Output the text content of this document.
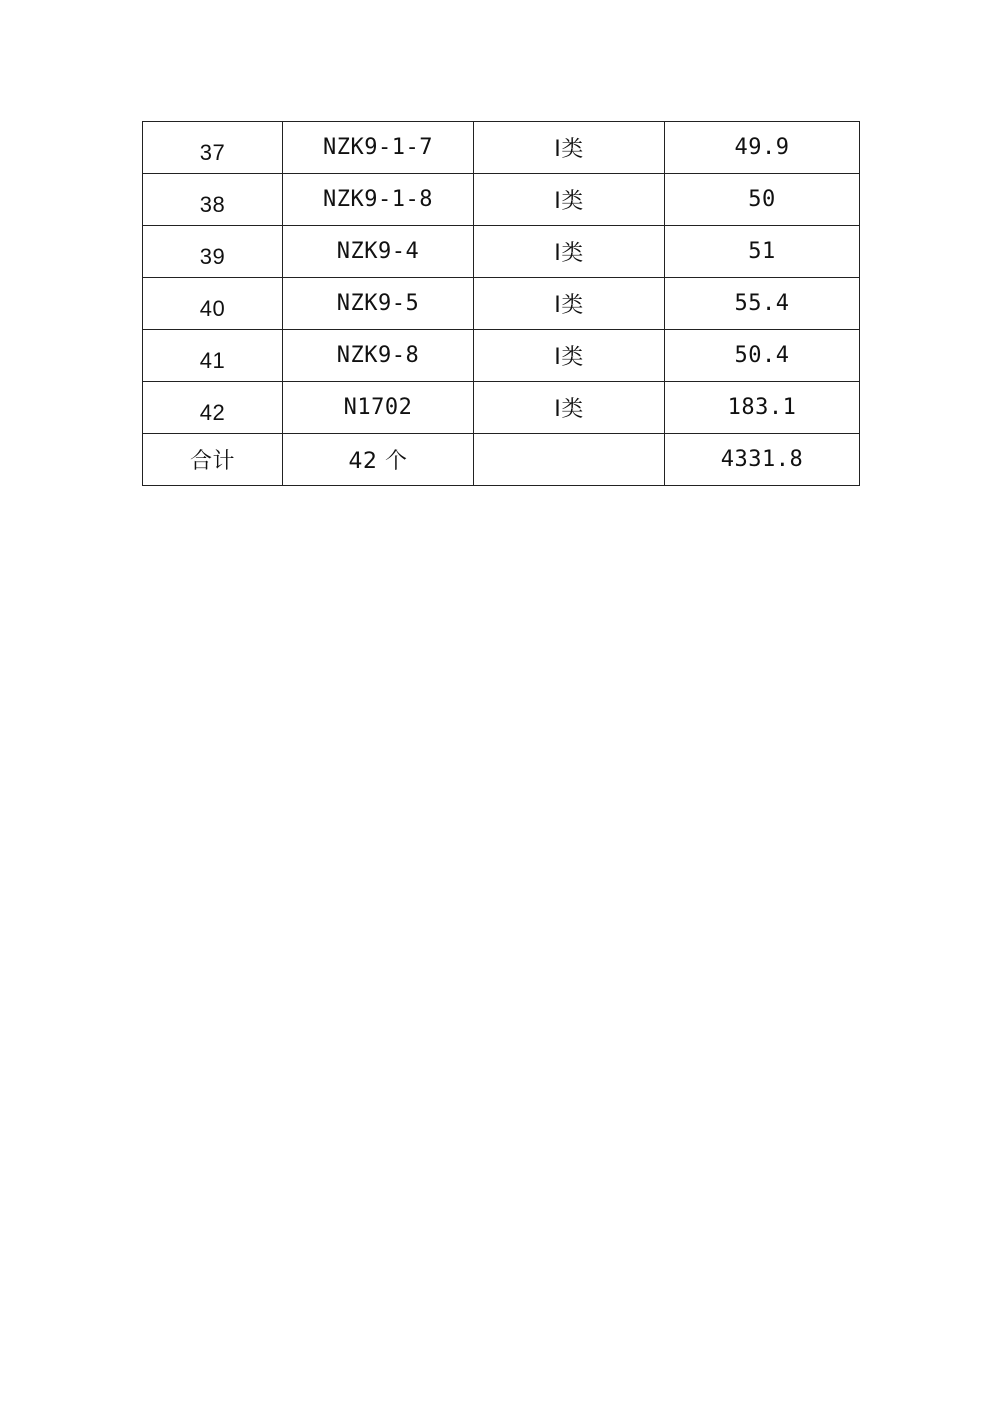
37	NZK9-1-7	Ⅰ类	49.9
38	NZK9-1-8	Ⅰ类	50
39	NZK9-4	Ⅰ类	51
40	NZK9-5	Ⅰ类	55.4
41	NZK9-8	Ⅰ类	50.4
42	N1702	Ⅰ类	183.1
合计	42 个		4331.8
